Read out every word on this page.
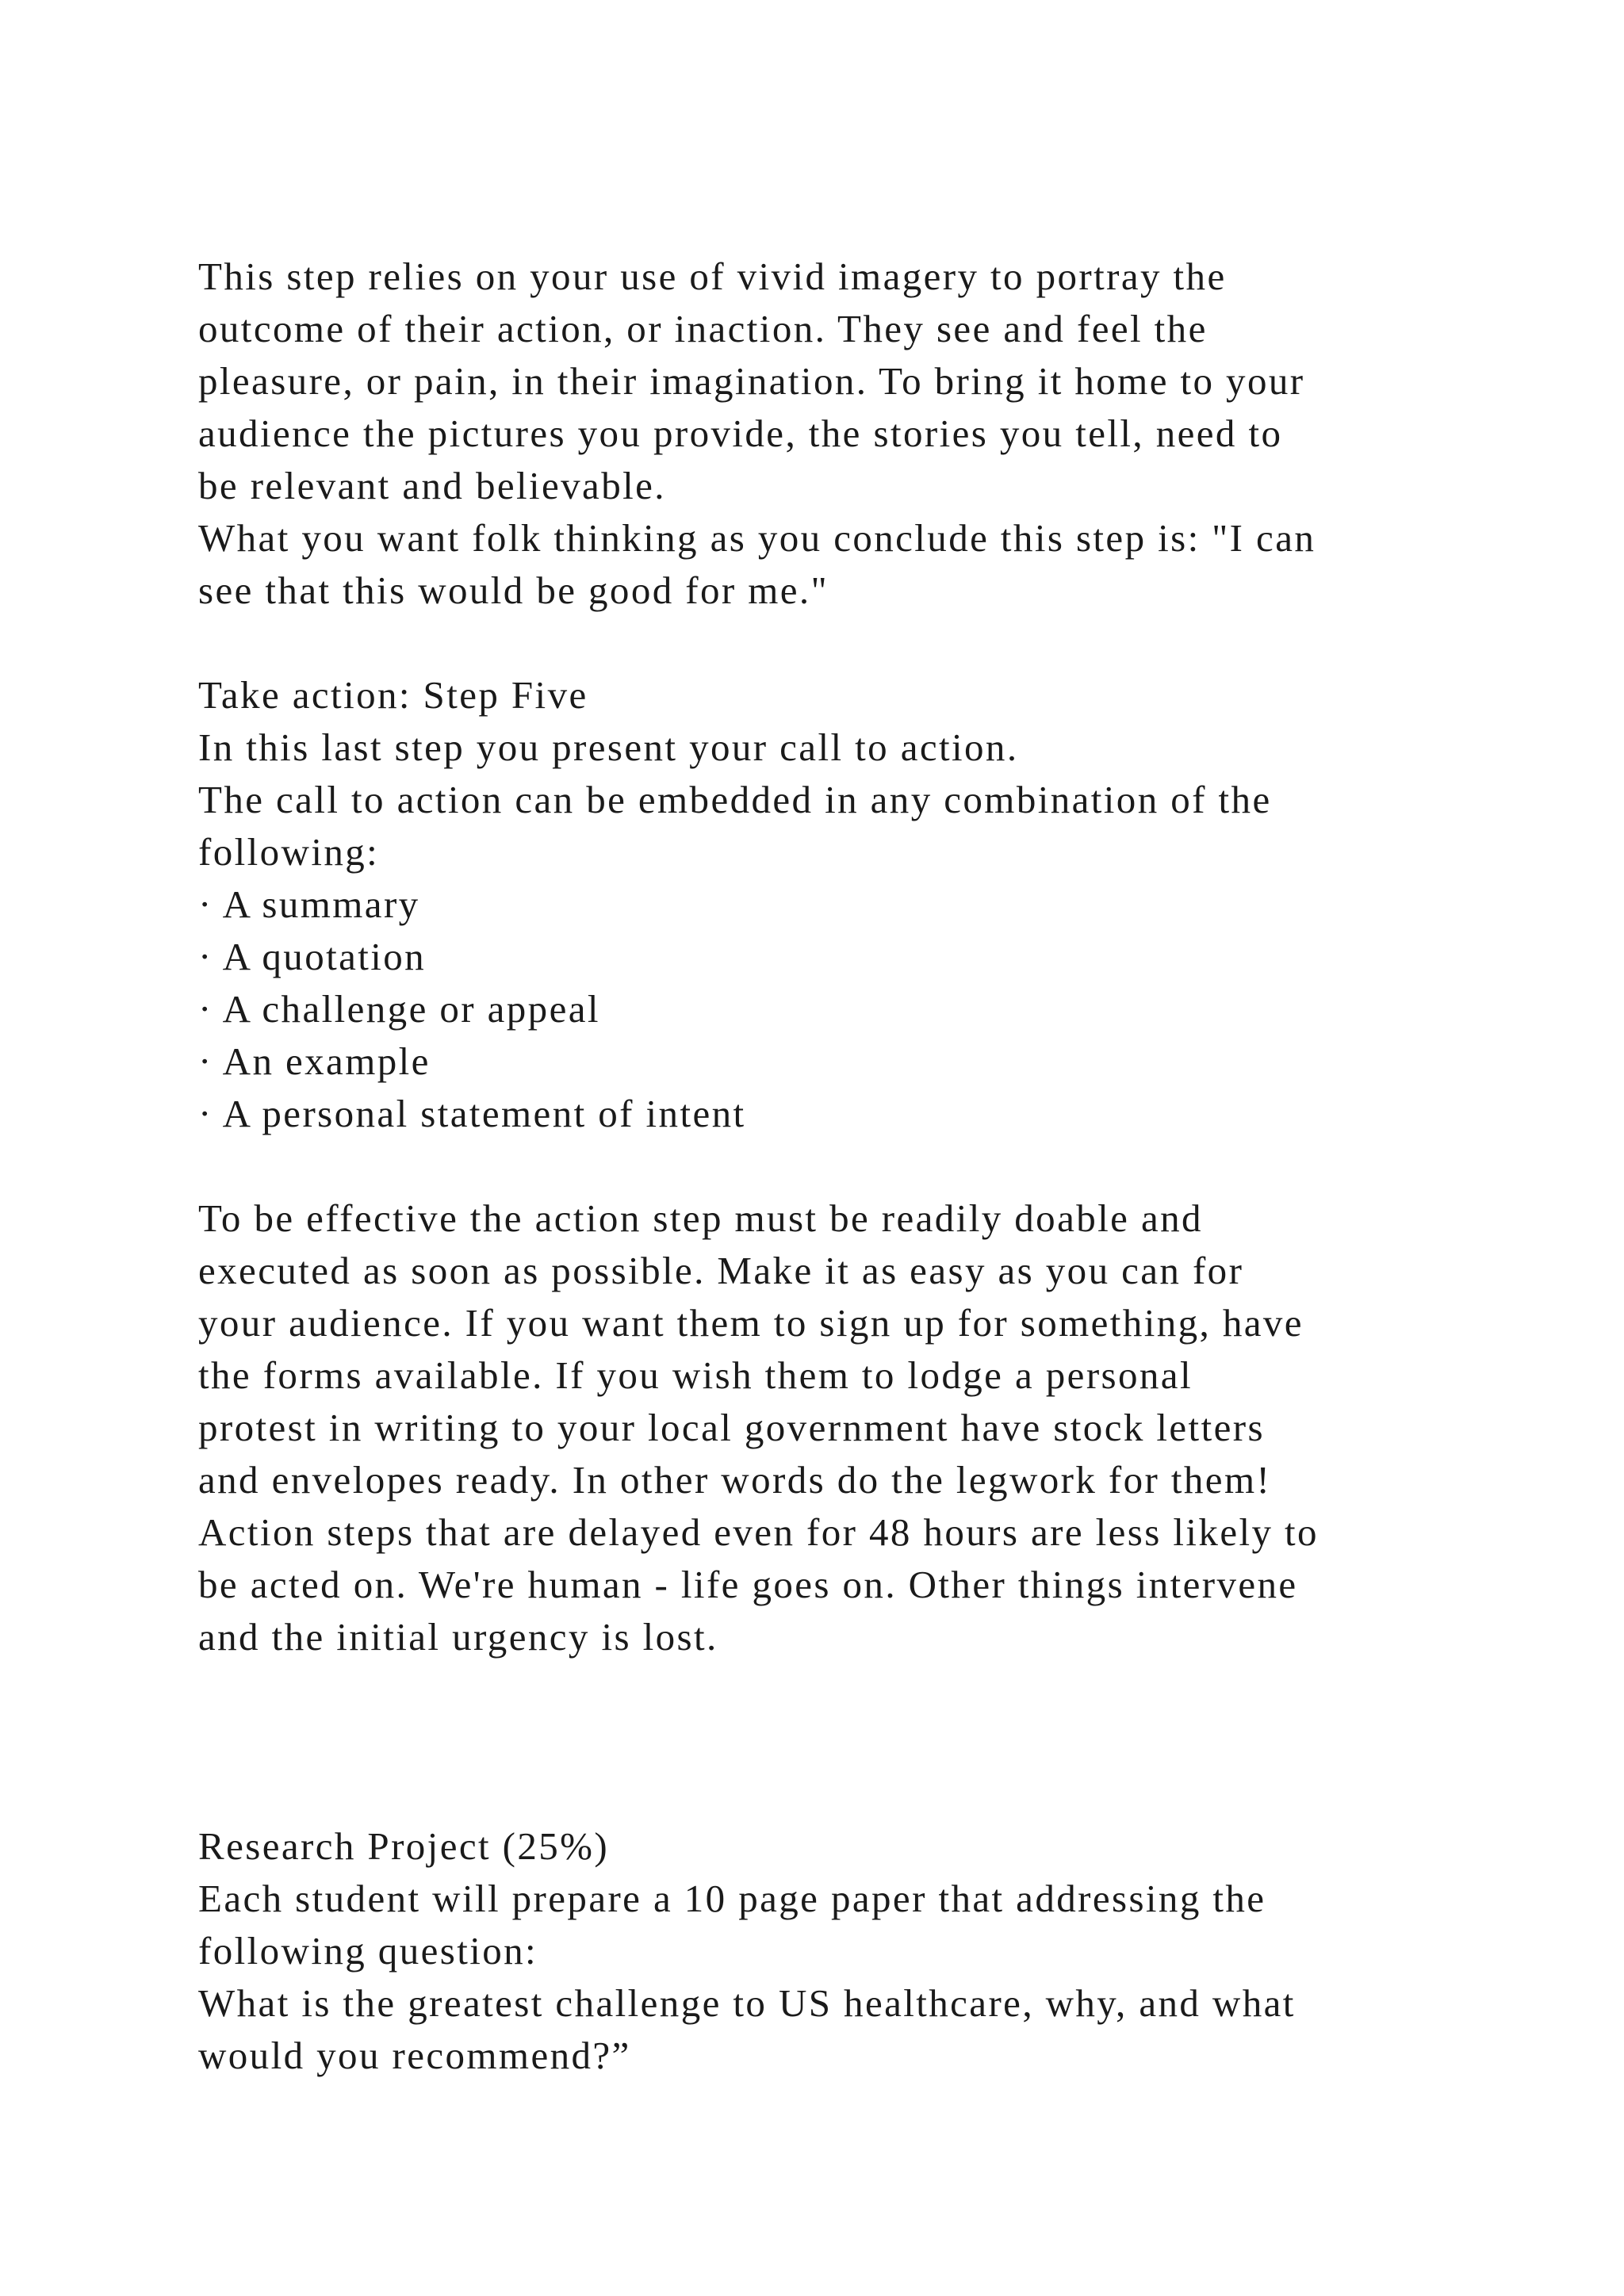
This step relies on your use of vivid imagery to portray the
outcome of their action, or inaction. They see and feel the
pleasure, or pain, in their imagination. To bring it home to your
audience the pictures you provide, the stories you tell, need to
be relevant and believable.
What you want folk thinking as you conclude this step is: "I can
see that this would be good for me."
Take action: Step Five
In this last step you present your call to action.
The call to action can be embedded in any combination of the
following:
· A summary
· A quotation
· A challenge or appeal
· An example
· A personal statement of intent
To be effective the action step must be readily doable and
executed as soon as possible. Make it as easy as you can for
your audience. If you want them to sign up for something, have
the forms available. If you wish them to lodge a personal
protest in writing to your local government have stock letters
and envelopes ready. In other words do the legwork for them!
Action steps that are delayed even for 48 hours are less likely to
be acted on. We're human - life goes on. Other things intervene
and the initial urgency is lost.
Research Project (25%)
Each student will prepare a 10 page paper that addressing the
following question:
What is the greatest challenge to US healthcare, why, and what
would you recommend?”
